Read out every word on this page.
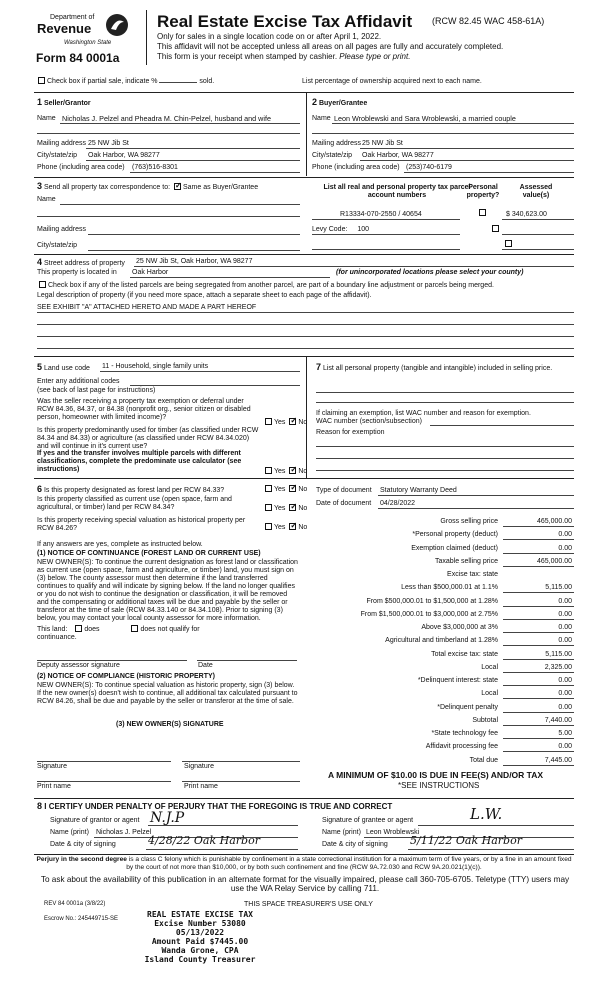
Department of
Revenue
Washington State
Form 84 0001a
Real Estate Excise Tax Affidavit (RCW 82.45 WAC 458-61A)
Only for sales in a single location code on or after April 1, 2022.
This affidavit will not be accepted unless all areas on all pages are fully and accurately completed.
This form is your receipt when stamped by cashier. Please type or print.
Check box if partial sale, indicate %	sold.	List percentage of ownership acquired next to each name.
1 Seller/Grantor
Name Nicholas J. Pelzel and Pheadra M. Chin-Pelzel, husband and wife
Mailing address 25 NW Jib St
City/state/zip Oak Harbor, WA 98277
Phone (including area code) (763)516-8301
2 Buyer/Grantee
Name Leon Wroblewski and Sara Wroblewski, a married couple
Mailing address 25 NW Jib St
City/state/zip Oak Harbor, WA 98277
Phone (including area code) (253)740-6179
3 Send all property tax correspondence to: ✓ Same as Buyer/Grantee
Name
Mailing address
City/state/zip
List all real and personal property tax parcel account numbers
Personal property?
Assessed value(s)
R13334-070-2550 / 40654
	$ 340,623.00
Levy Code: 100

4 Street address of property 25 NW Jib St, Oak Harbor, WA 98277
This property is located in Oak Harbor	(for unincorporated locations please select your county)
Check box if any of the listed parcels are being segregated from another parcel, are part of a boundary line adjustment or parcels being merged.
Legal description of property (if you need more space, attach a separate sheet to each page of the affidavit).
SEE EXHIBIT "A" ATTACHED HERETO AND MADE A PART HEREOF
5 Land use code 11 - Household, single family units
Enter any additional codes
(see back of last page for instructions)
Was the seller receiving a property tax exemption or deferral under RCW 84.36, 84.37, or 84.38 (nonprofit org., senior citizen or disabled person, homeowner with limited income)?
Yes ✓ No
Is this property predominantly used for timber (as classified under RCW 84.34 and 84.33) or agriculture (as classified under RCW 84.34.020) and will continue in it's current use?
If yes and the transfer involves multiple parcels with different classifications, complete the predominate use calculator (see instructions)	Yes ✓ No
7 List all personal property (tangible and intangible) included in selling price.
If claiming an exemption, list WAC number and reason for exemption.
WAC number (section/subsection)
Reason for exemption
6 Is this property designated as forest land per RCW 84.33?	Yes ✓ No
Is this property classified as current use (open space, farm and agricultural, or timber) land per RCW 84.34?	Yes ✓ No
Is this property receiving special valuation as historical property per RCW 84.26?	Yes ✓ No
If any answers are yes, complete as instructed below.
(1) NOTICE OF CONTINUANCE (FOREST LAND OR CURRENT USE)
NEW OWNER(S): To continue the current designation as forest land or classification as current use (open space, farm and agriculture, or timber) land, you must sign on (3) below. The county assessor must then determine if the land transferred continues to qualify and will indicate by signing below. If the land no longer qualifies or you do not wish to continue the designation or classification, it will be removed and the compensating or additional taxes will be due and payable by the seller or transferor at the time of sale (RCW 84.33.140 or 84.34.108). Prior to signing (3) below, you may contact your local county assessor for more information.
This land: does	does not qualify for
continuance.
Deputy assessor signature	Date
(2) NOTICE OF COMPLIANCE (HISTORIC PROPERTY)
NEW OWNER(S): To continue special valuation as historic property, sign (3) below. If the new owner(s) doesn't wish to continue, all additional tax calculated pursuant to RCW 84.26, shall be due and payable by the seller or transferor at the time of sale.
(3) NEW OWNER(S) SIGNATURE
Signature	Signature
Print name	Print name
Type of document Statutory Warranty Deed
Date of document 04/28/2022
Gross selling price	465,000.00
*Personal property (deduct)	0.00
Exemption claimed (deduct)	0.00
Taxable selling price	465,000.00
Excise tax: state
Less than $500,000.01 at 1.1%	5,115.00
From $500,000.01 to $1,500,000 at 1.28%	0.00
From $1,500,000.01 to $3,000,000 at 2.75%	0.00
Above $3,000,000 at 3%	0.00
Agricultural and timberland at 1.28%	0.00
Total excise tax: state	5,115.00
Local	2,325.00
*Delinquent interest: state	0.00
Local	0.00
*Delinquent penalty	0.00
Subtotal	7,440.00
*State technology fee	5.00
Affidavit processing fee	0.00
Total due	7,445.00
A MINIMUM OF $10.00 IS DUE IN FEE(S) AND/OR TAX
*SEE INSTRUCTIONS
8 I CERTIFY UNDER PENALTY OF PERJURY THAT THE FOREGOING IS TRUE AND CORRECT
Signature of grantor or agent N.J.P
Name (print) Nicholas J. Pelzel
Date & city of signing	4/28/22 Oak Harbor
Signature of grantee or agent	L.W.
Name (print) Leon Wroblewski
Date & city of signing 5/11/22 Oak Harbor
Perjury in the second degree is a class C felony which is punishable by confinement in a state correctional institution for a maximum term of five years, or by a fine in an amount fixed by the court of not more than $10,000, or by both such confinement and fine (RCW 9A.72.030 and RCW 9A.20.021(1)(c)).
To ask about the availability of this publication in an alternate format for the visually impaired, please call 360-705-6705. Teletype (TTY) users may use the WA Relay Service by calling 711.
REV 84 0001a (3/8/22)	THIS SPACE TREASURER'S USE ONLY
Escrow No.: 245449715-SE	REAL ESTATE EXCISE TAX
Excise Number 53080
05/13/2022
Amount Paid $7445.00
Wanda Grone, CPA
Island County Treasurer
